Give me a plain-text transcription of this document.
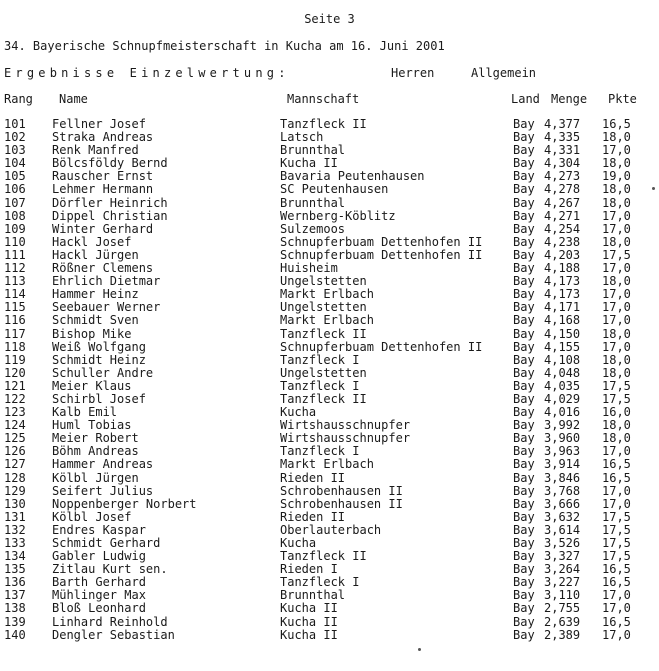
Seite 3
34. Bayerische Schnupfmeisterschaft in Kucha am 16. Juni 2001
Ergebnisse Einzelwertung:	Herren	Allgemein
Rang Name	Mannschaft	Land Menge Pkte
101 Fellner Josef	Tanzfleck II	Bay 4,377 16,5
102 Straka Andreas	Latsch	Bay 4,335 18,0
103 Renk Manfred	Brunnthal	Bay 4,331 17,0
104 Bölcsföldy Bernd	Kucha II	Bay 4,304 18,0
105 Rauscher Ernst	Bavaria Peutenhausen	Bay 4,273 19,0
106 Lehmer Hermann	SC Peutenhausen	Bay 4,278 18,0
107 Dörfler Heinrich	Brunnthal	Bay 4,267 18,0
108 Dippel Christian	Wernberg-Köblitz	Bay 4,271 17,0
109 Winter Gerhard	Sulzemoos	Bay 4,254 17,0
110 Hackl Josef	Schnupferbuam Dettenhofen II	Bay 4,238 18,0
111 Hackl Jürgen	Schnupferbuam Dettenhofen II	Bay 4,203 17,5
112 Rößner Clemens	Huisheim	Bay 4,188 17,0
113 Ehrlich Dietmar	Ungelstetten	Bay 4,173 18,0
114 Hammer Heinz	Markt Erlbach	Bay 4,173 17,0
115 Seebauer Werner	Ungelstetten	Bay 4,171 17,0
116 Schmidt Sven	Markt Erlbach	Bay 4,168 17,0
117 Bishop Mike	Tanzfleck II	Bay 4,150 18,0
118 Weiß Wolfgang	Schnupferbuam Dettenhofen II	Bay 4,155 17,0
119 Schmidt Heinz	Tanzfleck I	Bay 4,108 18,0
120 Schuller Andre	Ungelstetten	Bay 4,048 18,0
121 Meier Klaus	Tanzfleck I	Bay 4,035 17,5
122 Schirbl Josef	Tanzfleck II	Bay 4,029 17,5
123 Kalb Emil	Kucha	Bay 4,016 16,0
124 Huml Tobias	Wirtshausschnupfer	Bay 3,992 18,0
125 Meier Robert	Wirtshausschnupfer	Bay 3,960 18,0
126 Böhm Andreas	Tanzfleck I	Bay 3,963 17,0
127 Hammer Andreas	Markt Erlbach	Bay 3,914 16,5
128 Kölbl Jürgen	Rieden II	Bay 3,846 16,5
129 Seifert Julius	Schrobenhausen II	Bay 3,768 17,0
130 Noppenberger Norbert	Schrobenhausen II	Bay 3,666 17,0
131 Kölbl Josef	Rieden II	Bay 3,632 17,5
132 Endres Kaspar	Oberlauterbach	Bay 3,614 17,5
133 Schmidt Gerhard	Kucha	Bay 3,526 17,5
134 Gabler Ludwig	Tanzfleck II	Bay 3,327 17,5
135 Zitlau Kurt sen.	Rieden I	Bay 3,264 16,5
136 Barth Gerhard	Tanzfleck I	Bay 3,227 16,5
137 Mühlinger Max	Brunnthal	Bay 3,110 17,0
138 Bloß Leonhard	Kucha II	Bay 2,755 17,0
139 Linhard Reinhold	Kucha II	Bay 2,639 16,5
140 Dengler Sebastian	Kucha II	Bay 2,389 17,0
